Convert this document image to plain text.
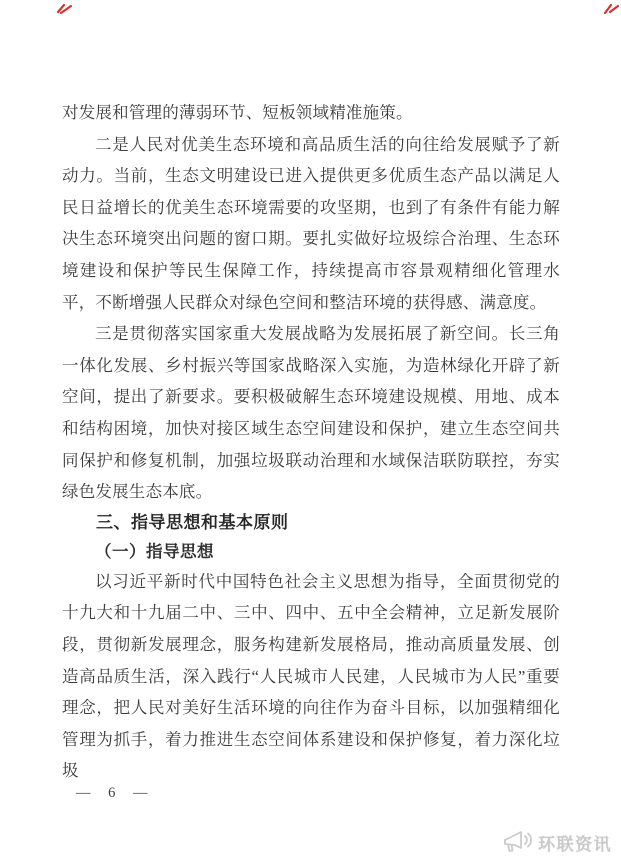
对发展和管理的薄弱环节、短板领域精准施策。

二是人民对优美生态环境和高品质生活的向往给发展赋予了新动力。当前，生态文明建设已进入提供更多优质生态产品以满足人民日益增长的优美生态环境需要的攻坚期，也到了有条件有能力解决生态环境突出问题的窗口期。要扎实做好垃圾综合治理、生态环境建设和保护等民生保障工作，持续提高市容景观精细化管理水平，不断增强人民群众对绿色空间和整洁环境的获得感、满意度。

三是贯彻落实国家重大发展战略为发展拓展了新空间。长三角一体化发展、乡村振兴等国家战略深入实施，为造林绿化开辟了新空间，提出了新要求。要积极破解生态环境建设规模、用地、成本和结构困境，加快对接区域生态空间建设和保护，建立生态空间共同保护和修复机制，加强垃圾联动治理和水域保洁联防联控，夯实绿色发展生态本底。

三、指导思想和基本原则
（一）指导思想

以习近平新时代中国特色社会主义思想为指导，全面贯彻党的十九大和十九届二中、三中、四中、五中全会精神，立足新发展阶段，贯彻新发展理念，服务构建新发展格局，推动高质量发展、创造高品质生活，深入践行“人民城市人民建，人民城市为人民”重要理念，把人民对美好生活环境的向往作为奋斗目标，以加强精细化管理为抓手，着力推进生态空间体系建设和保护修复，着力深化垃圾

— 6 —
环联资讯
